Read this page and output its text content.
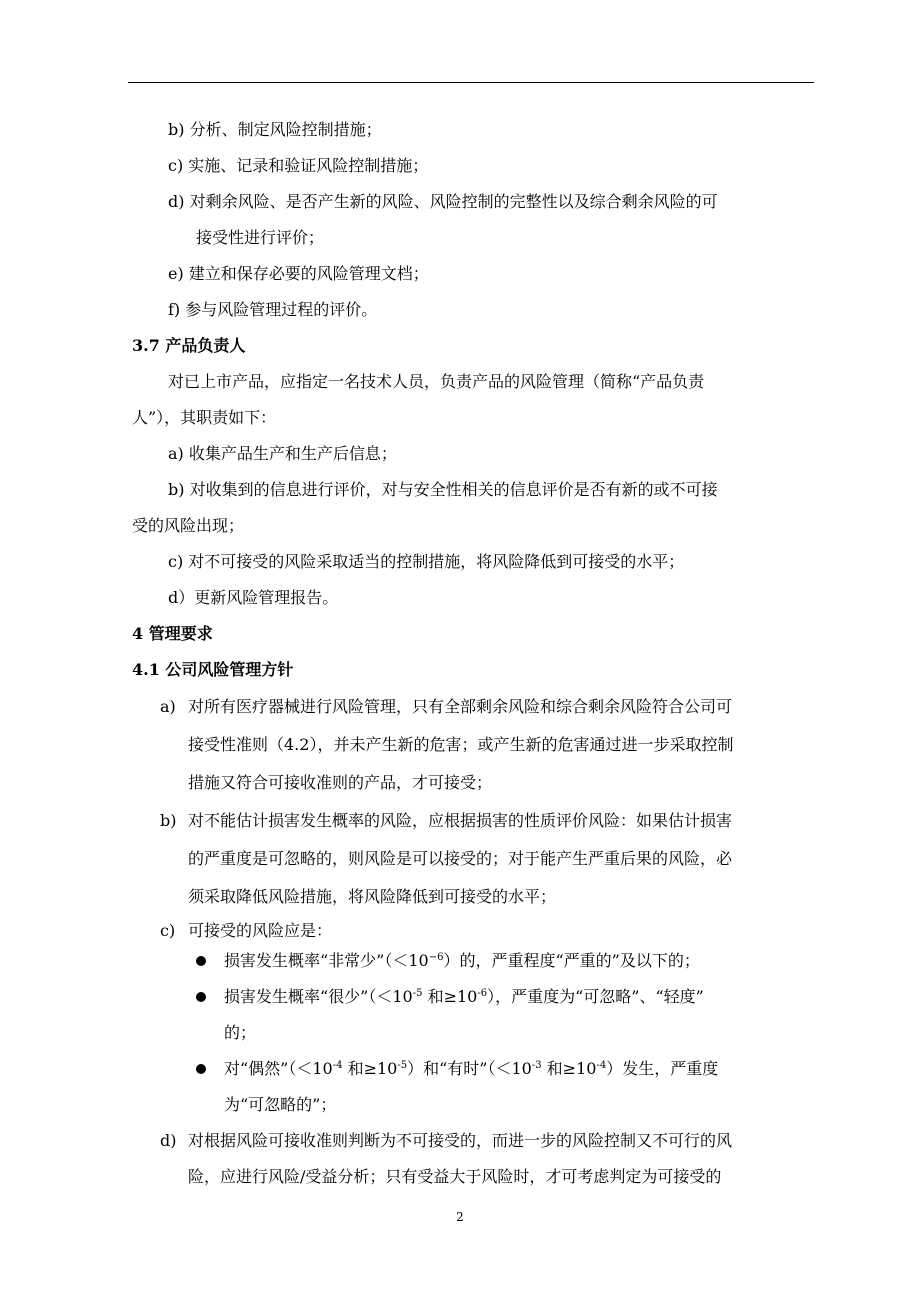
b) 分析、制定风险控制措施；
c) 实施、记录和验证风险控制措施；
d) 对剩余风险、是否产生新的风险、风险控制的完整性以及综合剩余风险的可
接受性进行评价；
e) 建立和保存必要的风险管理文档；
f) 参与风险管理过程的评价。
3.7 产品负责人
对已上市产品，应指定一名技术人员，负责产品的风险管理（简称“产品负责
人”），其职责如下：
a) 收集产品生产和生产后信息；
b) 对收集到的信息进行评价，对与安全性相关的信息评价是否有新的或不可接
受的风险出现；
c) 对不可接受的风险采取适当的控制措施，将风险降低到可接受的水平；
d）更新风险管理报告。
4 管理要求
4.1 公司风险管理方针
a) 对所有医疗器械进行风险管理，只有全部剩余风险和综合剩余风险符合公司可
接受性准则（4.2），并未产生新的危害；或产生新的危害通过进一步采取控制
措施又符合可接收准则的产品，才可接受；
b) 对不能估计损害发生概率的风险，应根据损害的性质评价风险：如果估计损害
的严重度是可忽略的，则风险是可以接受的；对于能产生严重后果的风险，必
须采取降低风险措施，将风险降低到可接受的水平；
c) 可接受的风险应是：
损害发生概率“非常少$”(<10^{-6})$的，严重程度“严重的”及以下的；
损害发生概率“很少$”(<10^{-5}$ 和$\ge 10^{-6}$），严重度为“可忽略”、“轻度”
的；
对“偶然$”(<10^{-4}$ 和$\ge 10^{-5}$）和“有时$”(<10^{-3}$ 和$\ge 10^{-4}$）发生，严重度
为“可忽略的”；
d) 对根据风险可接收准则判断为不可接受的，而进一步的风险控制又不可行的风
险，应进行风险/受益分析；只有受益大于风险时，才可考虑判定为可接受的
2
